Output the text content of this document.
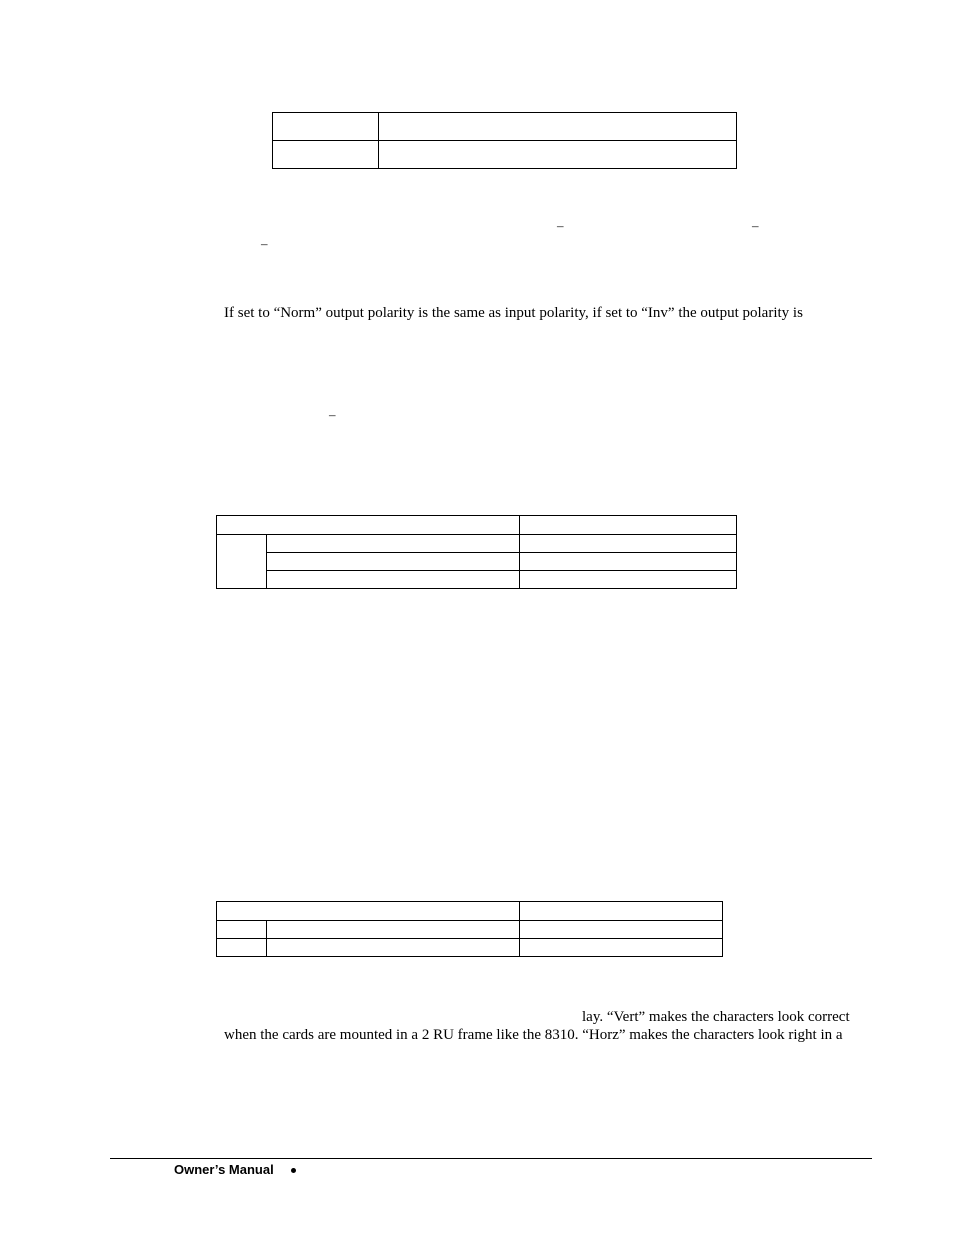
–	–
–
If set to “Norm” output polarity is the same as input polarity, if set to “Inv” the output polarity is
–

lay. “Vert” makes the characters look correct
when the cards are mounted in a 2 RU frame like the 8310. “Horz” makes the characters look right in a
Owner’s Manual
